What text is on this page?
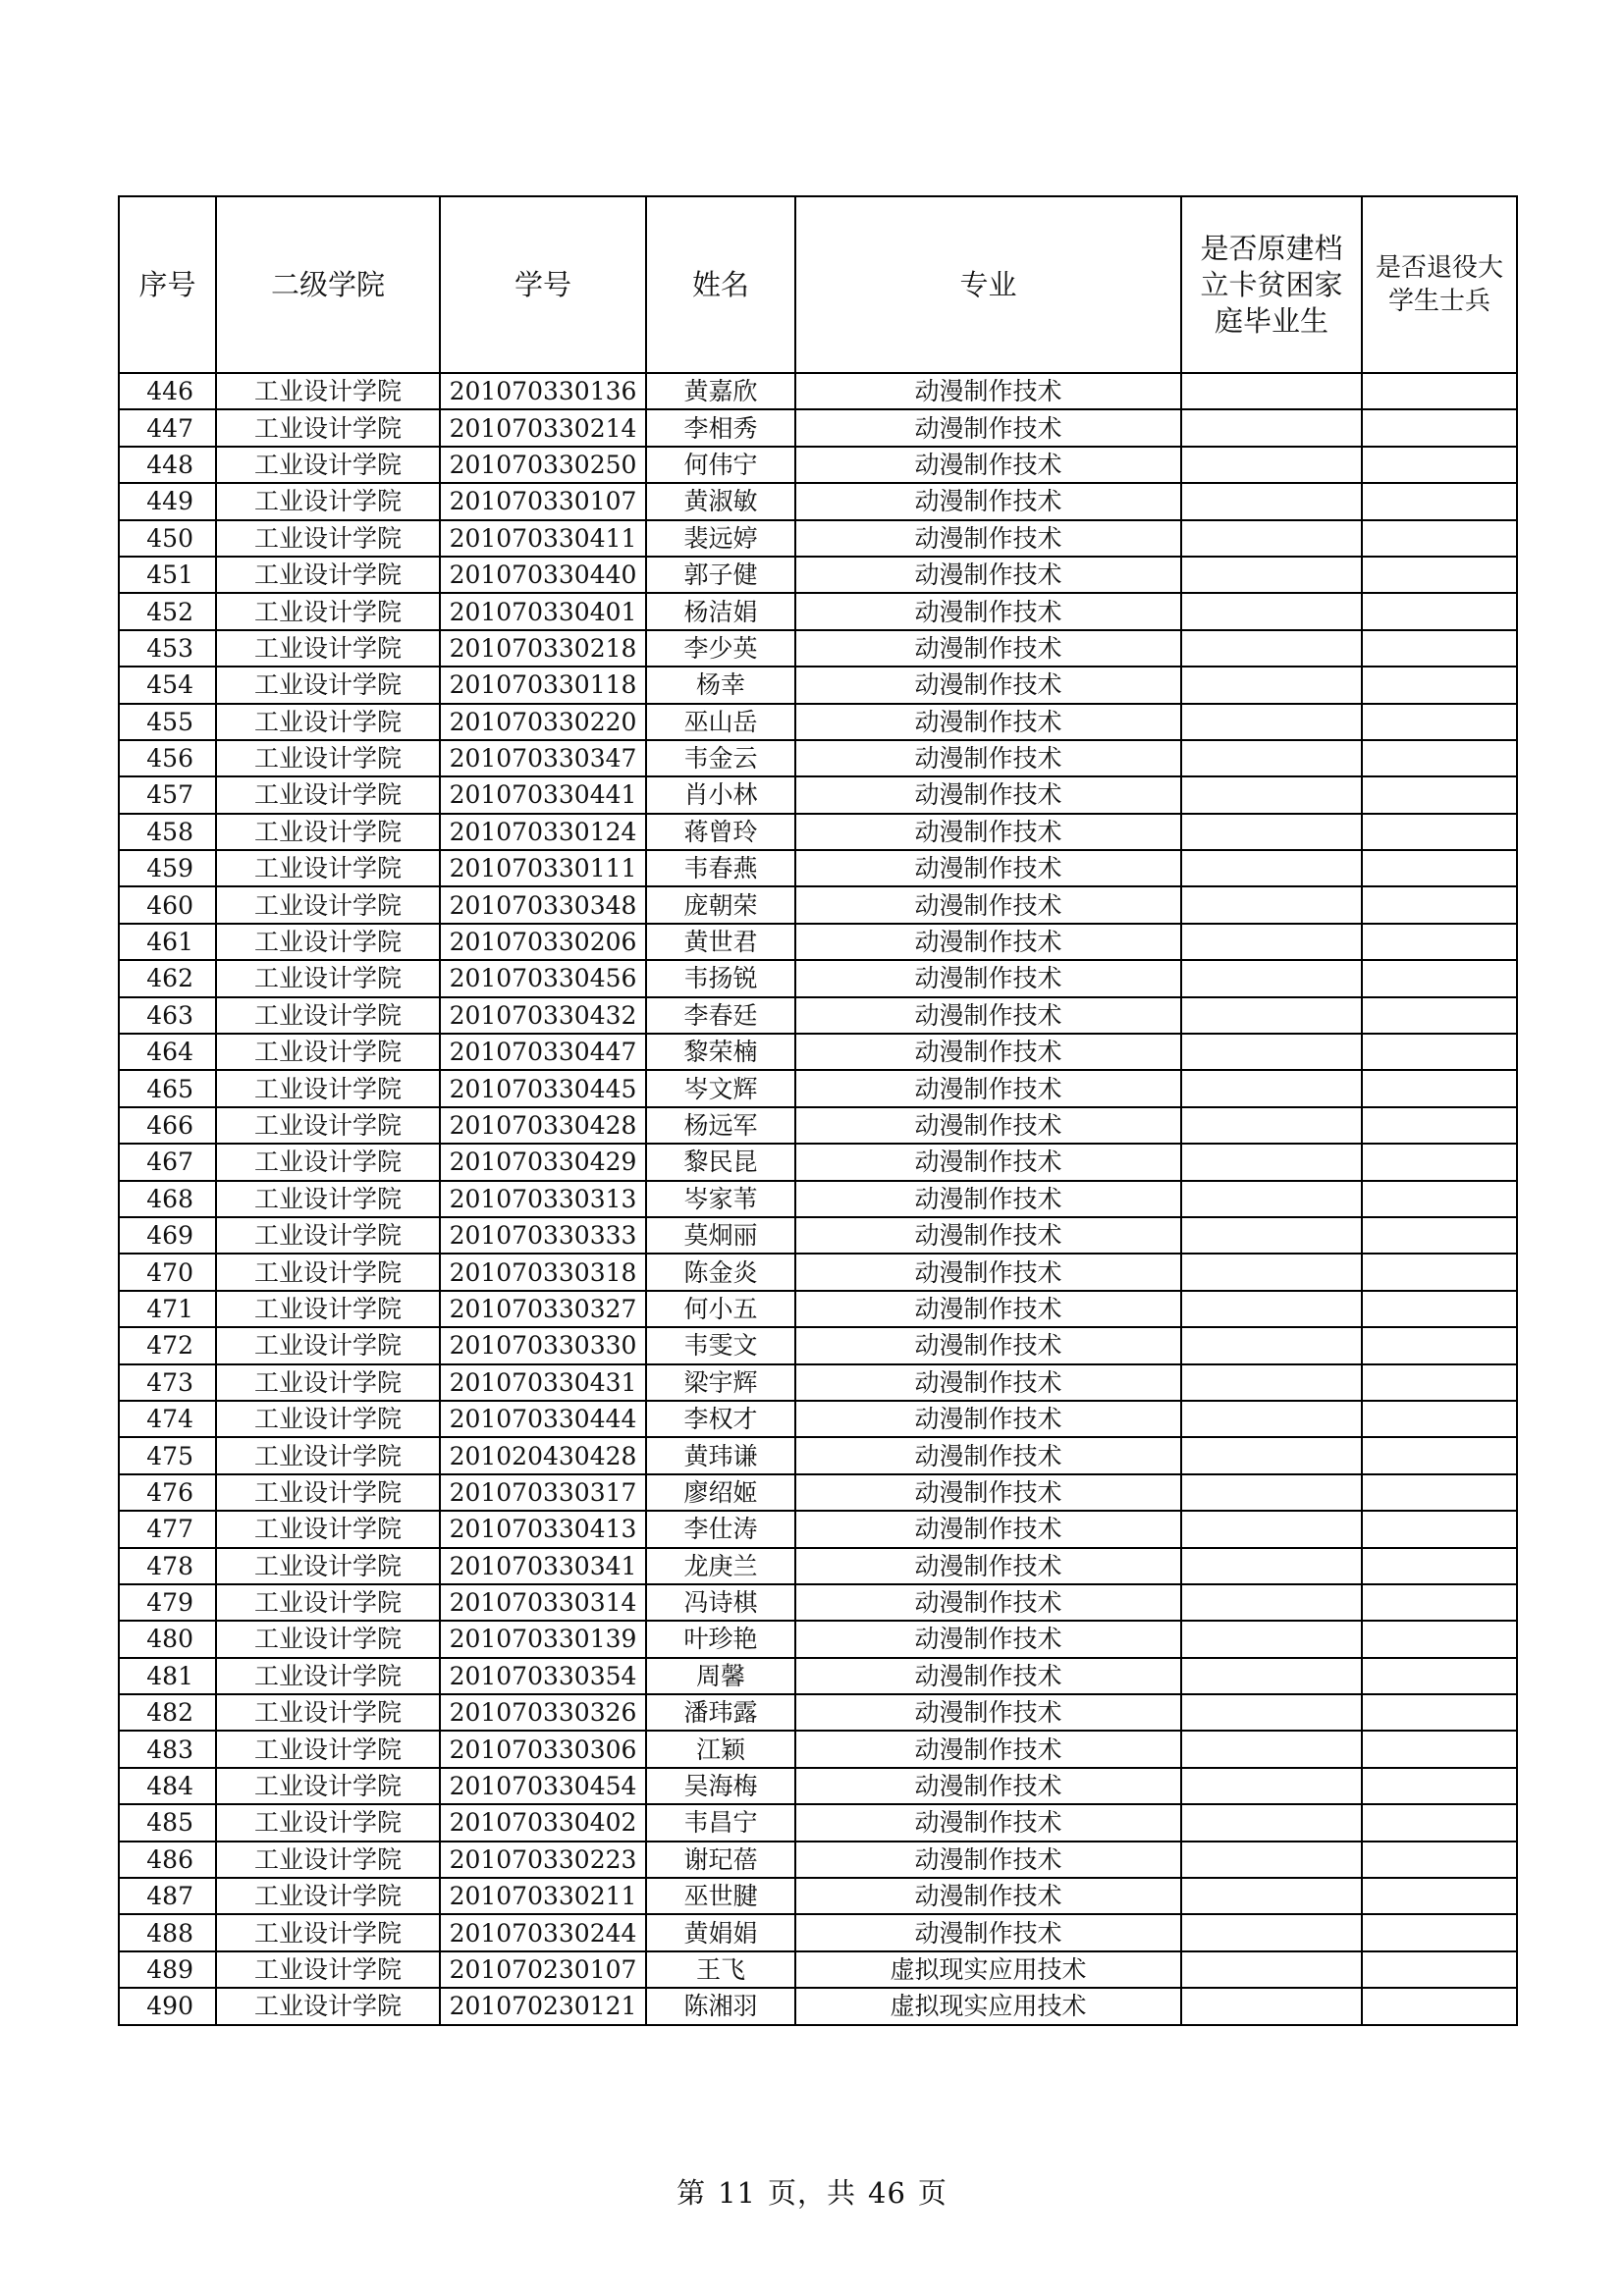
序号	二级学院	学号	姓名	专业	是否原建档立卡贫困家庭毕业生	是否退役大学生士兵
446	工业设计学院	201070330136	黄嘉欣	动漫制作技术		
447	工业设计学院	201070330214	李相秀	动漫制作技术		
448	工业设计学院	201070330250	何伟宁	动漫制作技术		
449	工业设计学院	201070330107	黄淑敏	动漫制作技术		
450	工业设计学院	201070330411	裴远婷	动漫制作技术		
451	工业设计学院	201070330440	郭子健	动漫制作技术		
452	工业设计学院	201070330401	杨洁娟	动漫制作技术		
453	工业设计学院	201070330218	李少英	动漫制作技术		
454	工业设计学院	201070330118	杨幸	动漫制作技术		
455	工业设计学院	201070330220	巫山岳	动漫制作技术		
456	工业设计学院	201070330347	韦金云	动漫制作技术		
457	工业设计学院	201070330441	肖小林	动漫制作技术		
458	工业设计学院	201070330124	蒋曾玲	动漫制作技术		
459	工业设计学院	201070330111	韦春燕	动漫制作技术		
460	工业设计学院	201070330348	庞朝荣	动漫制作技术		
461	工业设计学院	201070330206	黄世君	动漫制作技术		
462	工业设计学院	201070330456	韦扬锐	动漫制作技术		
463	工业设计学院	201070330432	李春廷	动漫制作技术		
464	工业设计学院	201070330447	黎荣楠	动漫制作技术		
465	工业设计学院	201070330445	岑文辉	动漫制作技术		
466	工业设计学院	201070330428	杨远军	动漫制作技术		
467	工业设计学院	201070330429	黎民昆	动漫制作技术		
468	工业设计学院	201070330313	岑家苇	动漫制作技术		
469	工业设计学院	201070330333	莫炯丽	动漫制作技术		
470	工业设计学院	201070330318	陈金炎	动漫制作技术		
471	工业设计学院	201070330327	何小五	动漫制作技术		
472	工业设计学院	201070330330	韦雯文	动漫制作技术		
473	工业设计学院	201070330431	梁宇辉	动漫制作技术		
474	工业设计学院	201070330444	李权才	动漫制作技术		
475	工业设计学院	201020430428	黄玮谦	动漫制作技术		
476	工业设计学院	201070330317	廖绍姬	动漫制作技术		
477	工业设计学院	201070330413	李仕涛	动漫制作技术		
478	工业设计学院	201070330341	龙庚兰	动漫制作技术		
479	工业设计学院	201070330314	冯诗棋	动漫制作技术		
480	工业设计学院	201070330139	叶珍艳	动漫制作技术		
481	工业设计学院	201070330354	周馨	动漫制作技术		
482	工业设计学院	201070330326	潘玮露	动漫制作技术		
483	工业设计学院	201070330306	江颖	动漫制作技术		
484	工业设计学院	201070330454	吴海梅	动漫制作技术		
485	工业设计学院	201070330402	韦昌宁	动漫制作技术		
486	工业设计学院	201070330223	谢玘蓓	动漫制作技术		
487	工业设计学院	201070330211	巫世腱	动漫制作技术		
488	工业设计学院	201070330244	黄娟娟	动漫制作技术		
489	工业设计学院	201070230107	王飞	虚拟现实应用技术		
490	工业设计学院	201070230121	陈湘羽	虚拟现实应用技术		
第 11 页，共 46 页
